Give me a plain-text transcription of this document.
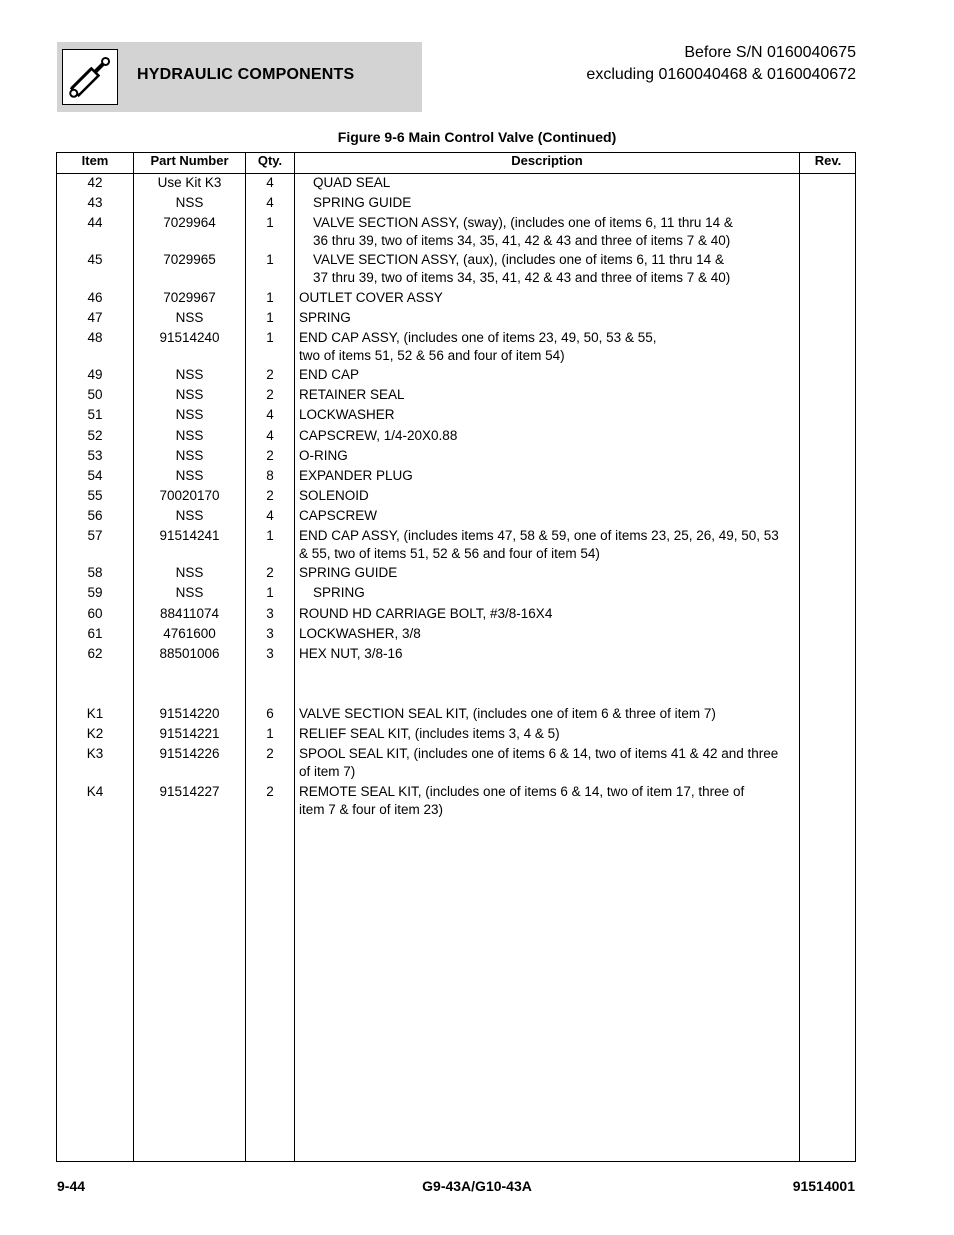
HYDRAULIC COMPONENTS
Before S/N 0160040675
excluding 0160040468 & 0160040672
Figure 9-6 Main Control Valve (Continued)
Item	Part Number	Qty.	Description	Rev.
42	Use Kit K3	4	QUAD SEAL
43	NSS	4	SPRING GUIDE
44	7029964	1	VALVE SECTION ASSY, (sway), (includes one of items 6, 11 thru 14 &
36 thru 39, two of items 34, 35, 41, 42 & 43 and three of items 7 & 40)
45	7029965	1	VALVE SECTION ASSY, (aux), (includes one of items 6, 11 thru 14 &
37 thru 39, two of items 34, 35, 41, 42 & 43 and three of items 7 & 40)
46	7029967	1	OUTLET COVER ASSY
47	NSS	1	SPRING
48	91514240	1	END CAP ASSY, (includes one of items 23, 49, 50, 53 & 55,
two of items 51, 52 & 56 and four of item 54)
49	NSS	2	END CAP
50	NSS	2	RETAINER SEAL
51	NSS	4	LOCKWASHER
52	NSS	4	CAPSCREW, 1/4-20X0.88
53	NSS	2	O-RING
54	NSS	8	EXPANDER PLUG
55	70020170	2	SOLENOID
56	NSS	4	CAPSCREW
57	91514241	1	END CAP ASSY, (includes items 47, 58 & 59, one of items 23, 25, 26, 49, 50, 53
& 55, two of items 51, 52 & 56 and four of item 54)
58	NSS	2	SPRING GUIDE
59	NSS	1	SPRING
60	88411074	3	ROUND HD CARRIAGE BOLT, #3/8-16X4
61	4761600	3	LOCKWASHER, 3/8
62	88501006	3	HEX NUT, 3/8-16
K1	91514220	6	VALVE SECTION SEAL KIT, (includes one of item 6 & three of item 7)
K2	91514221	1	RELIEF SEAL KIT, (includes items 3, 4 & 5)
K3	91514226	2	SPOOL SEAL KIT, (includes one of items 6 & 14, two of items 41 & 42 and three
of item 7)
K4	91514227	2	REMOTE SEAL KIT, (includes one of items 6 & 14, two of item 17, three of
item 7 & four of item 23)
9-44	G9-43A/G10-43A	91514001
